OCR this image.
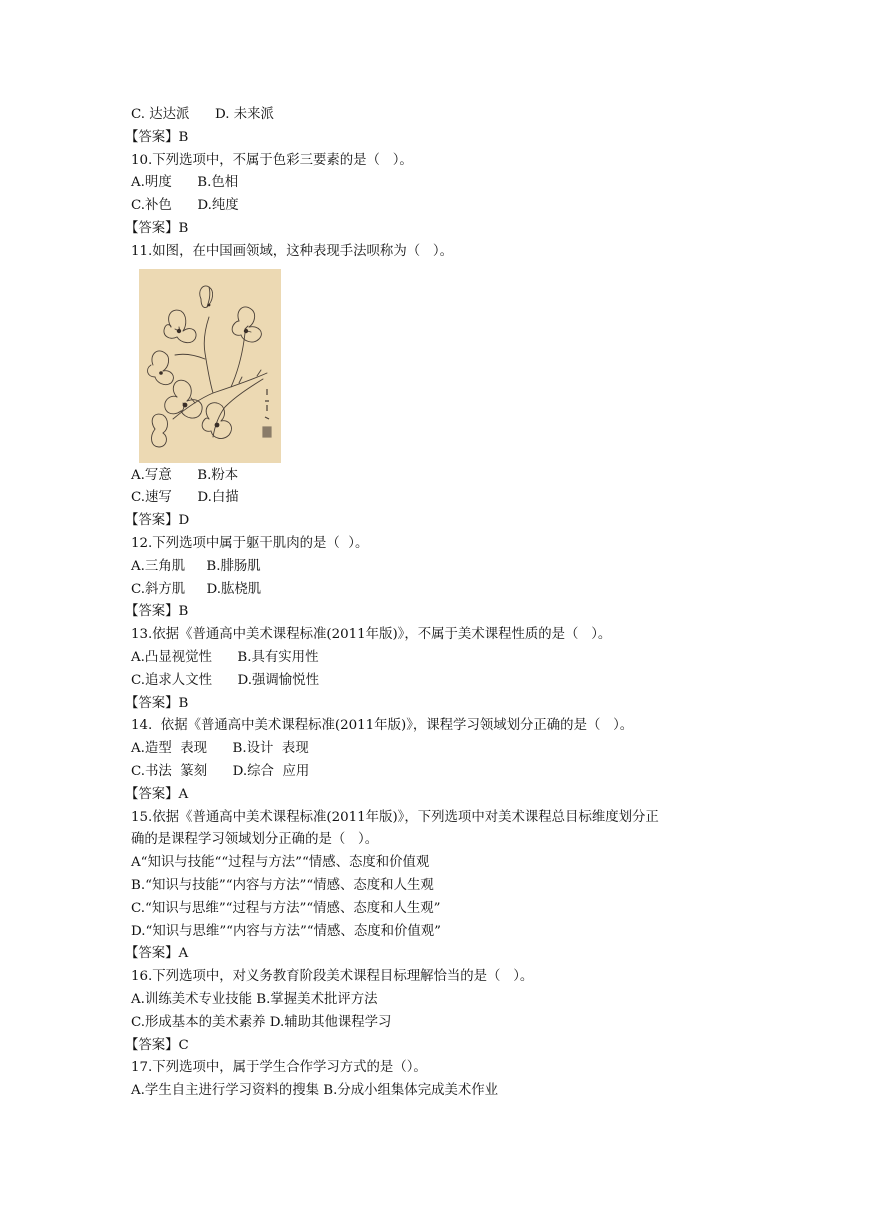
C. 达达派      D. 未来派
【答案】B
10.下列选项中，不属于色彩三要素的是（   ）。
A.明度      B.色相
C.补色      D.纯度
【答案】B
11.如图，在中国画领域，这种表现手法呗称为（   ）。
A.写意      B.粉本
C.速写      D.白描
【答案】D
12.下列选项中属于躯干肌肉的是（  ）。
A.三角肌     B.腓肠肌
C.斜方肌     D.肱桡肌
【答案】B
13.依据《普通高中美术课程标准(2011年版)》，不属于美术课程性质的是（   ）。
A.凸显视觉性      B.具有实用性
C.追求人文性      D.强调愉悦性
【答案】B
14.  依据《普通高中美术课程标准(2011年版)》，课程学习领域划分正确的是（   ）。
A.造型  表现      B.设计  表现
C.书法  篆刻      D.综合  应用
【答案】A
15.依据《普通高中美术课程标准(2011年版)》，下列选项中对美术课程总目标维度划分正
确的是课程学习领域划分正确的是（   ）。
A“知识与技能““过程与方法”“情感、态度和价值观
B.“知识与技能”“内容与方法”“情感、态度和人生观
C.“知识与思维”“过程与方法”“情感、态度和人生观”
D.“知识与思维”“内容与方法”“情感、态度和价值观”
【答案】A
16.下列选项中，对义务教育阶段美术课程目标理解恰当的是（   ）。
A.训练美术专业技能 B.掌握美术批评方法
C.形成基本的美术素养 D.辅助其他课程学习
【答案】C
17.下列选项中，属于学生合作学习方式的是（）。
A.学生自主进行学习资料的搜集 B.分成小组集体完成美术作业
